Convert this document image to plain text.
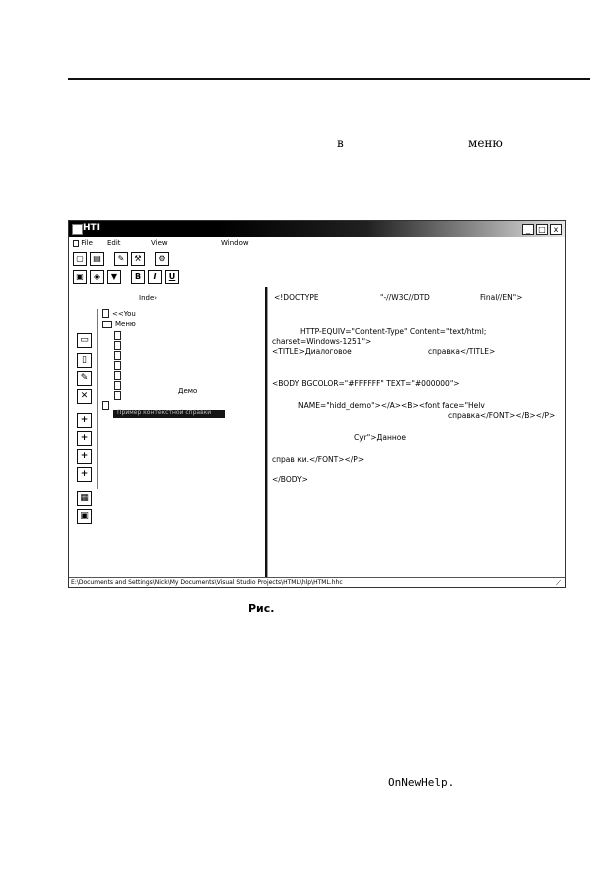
в	меню
HTI	_	□ x
File Edit	View	Window
▢	▤	✎	⚒	⚙
▣	◈	▼	B	I	U
Inde›
▭
▯
✎
✕
+
+
+
+
▦
▣
<<You
Меню
Демо
Пример контекстной справки
<!DOCTYPE	"-//W3C//DTD	Final//EN">
HTTP-EQUIV="Content-Type" Content="text/html;
charset=Windows-1251">
<TITLE>Диалоговое	справка</TITLE>
<BODY BGCOLOR="#FFFFFF" TEXT="#000000">
NAME="hidd_demo"></A><B><font face="Helv
справка</FONT></B></P>
Cyr">Данное
справ ки.</FONT></P>
</BODY>
E:\Documents and Settings\Nick\My Documents\Visual Studio Projects\HTML\hlp\HTML.hhc	⟋
Рис.
OnNewHelp.
